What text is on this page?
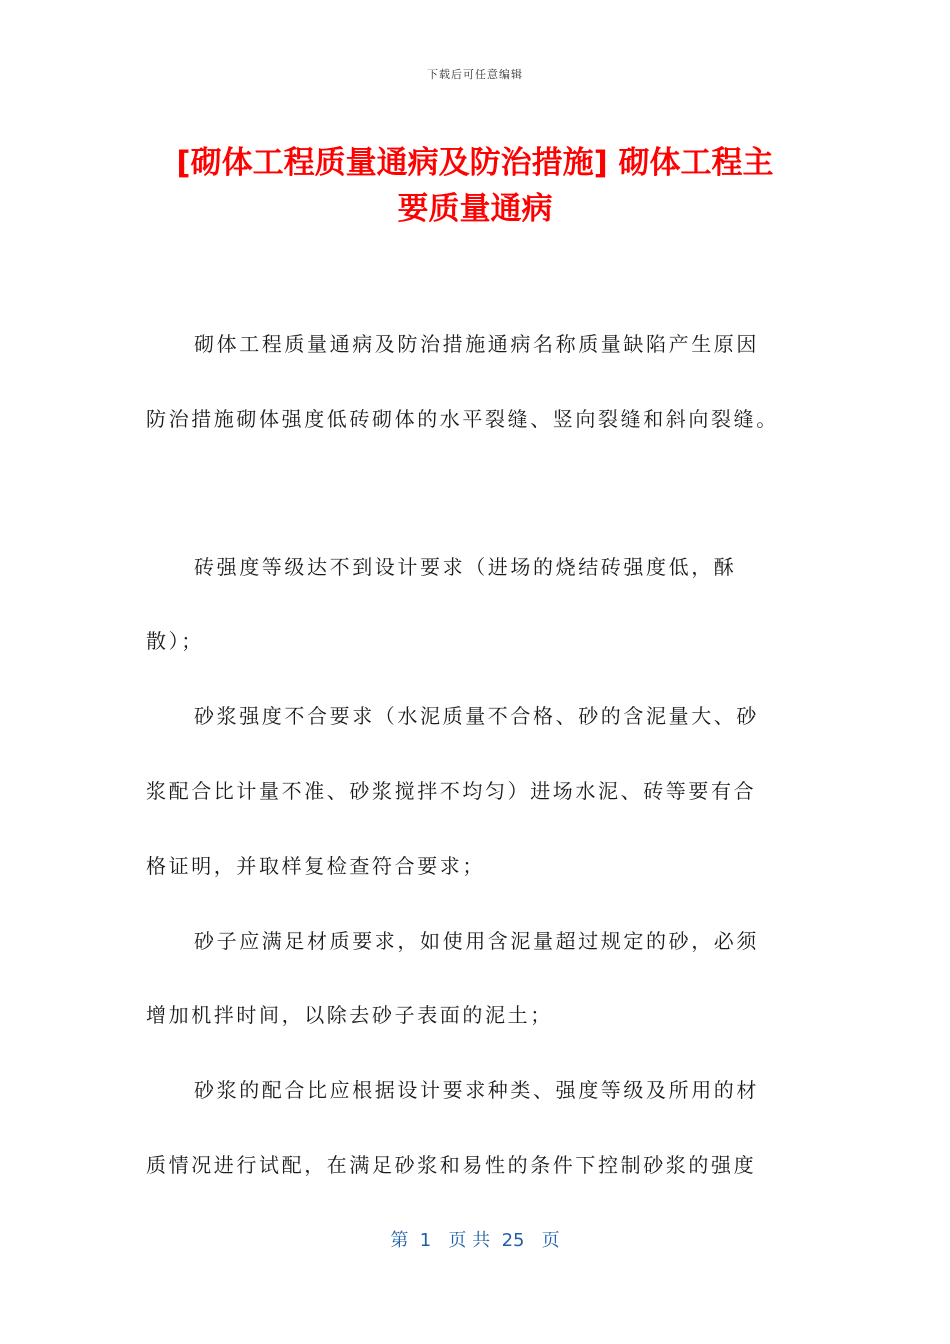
下载后可任意编辑
[砌体工程质量通病及防治措施] 砌体工程主
要质量通病
砌体工程质量通病及防治措施通病名称质量缺陷产生原因
防治措施砌体强度低砖砌体的水平裂缝、竖向裂缝和斜向裂缝。
砖强度等级达不到设计要求（进场的烧结砖强度低，酥
散）；
砂浆强度不合要求（水泥质量不合格、砂的含泥量大、砂
浆配合比计量不准、砂浆搅拌不均匀）进场水泥、砖等要有合
格证明，并取样复检查符合要求；
砂子应满足材质要求，如使用含泥量超过规定的砂，必须
增加机拌时间，以除去砂子表面的泥土；
砂浆的配合比应根据设计要求种类、强度等级及所用的材
质情况进行试配，在满足砂浆和易性的条件下控制砂浆的强度
第  1   页 共  25   页
